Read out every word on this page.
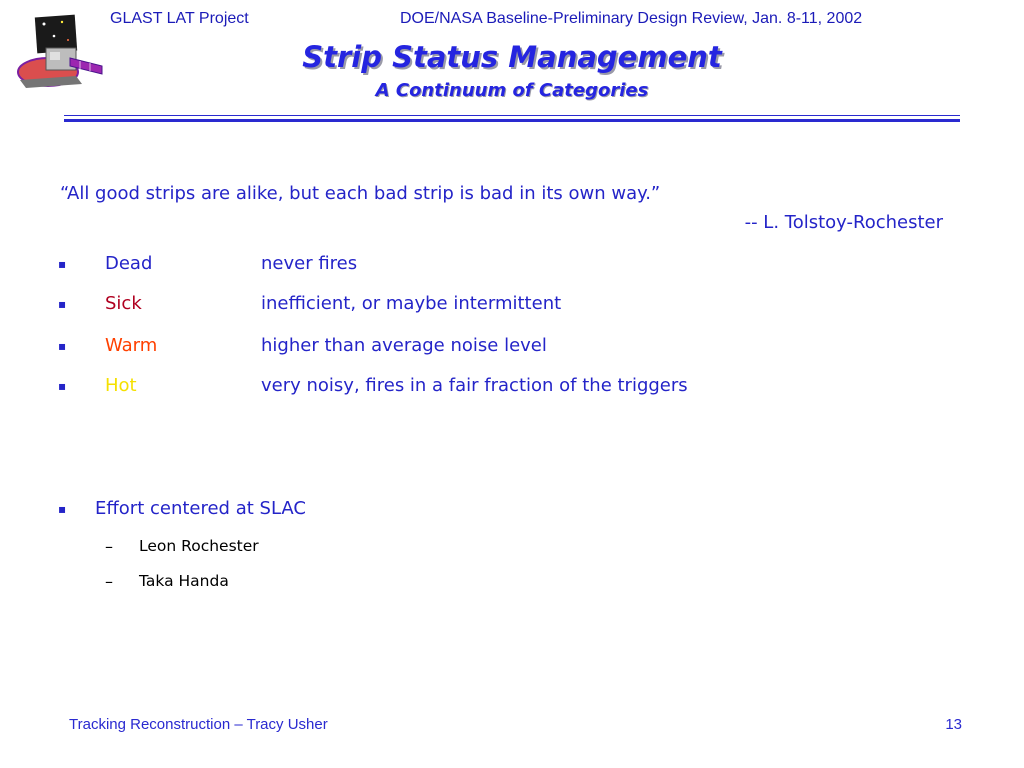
GLAST LAT Project	DOE/NASA Baseline-Preliminary Design Review, Jan. 8-11, 2002
Strip Status Management
A Continuum of Categories
“All good strips are alike, but each bad strip is bad in its own way.”
-- L. Tolstoy-Rochester
▪ Dead	never fires
▪ Sick	inefficient, or maybe intermittent
▪ Warm	higher than average noise level
▪ Hot	very noisy, fires in a fair fraction of the triggers
▪ Effort centered at SLAC
– Leon Rochester
– Taka Handa
Tracking Reconstruction – Tracy Usher	13
